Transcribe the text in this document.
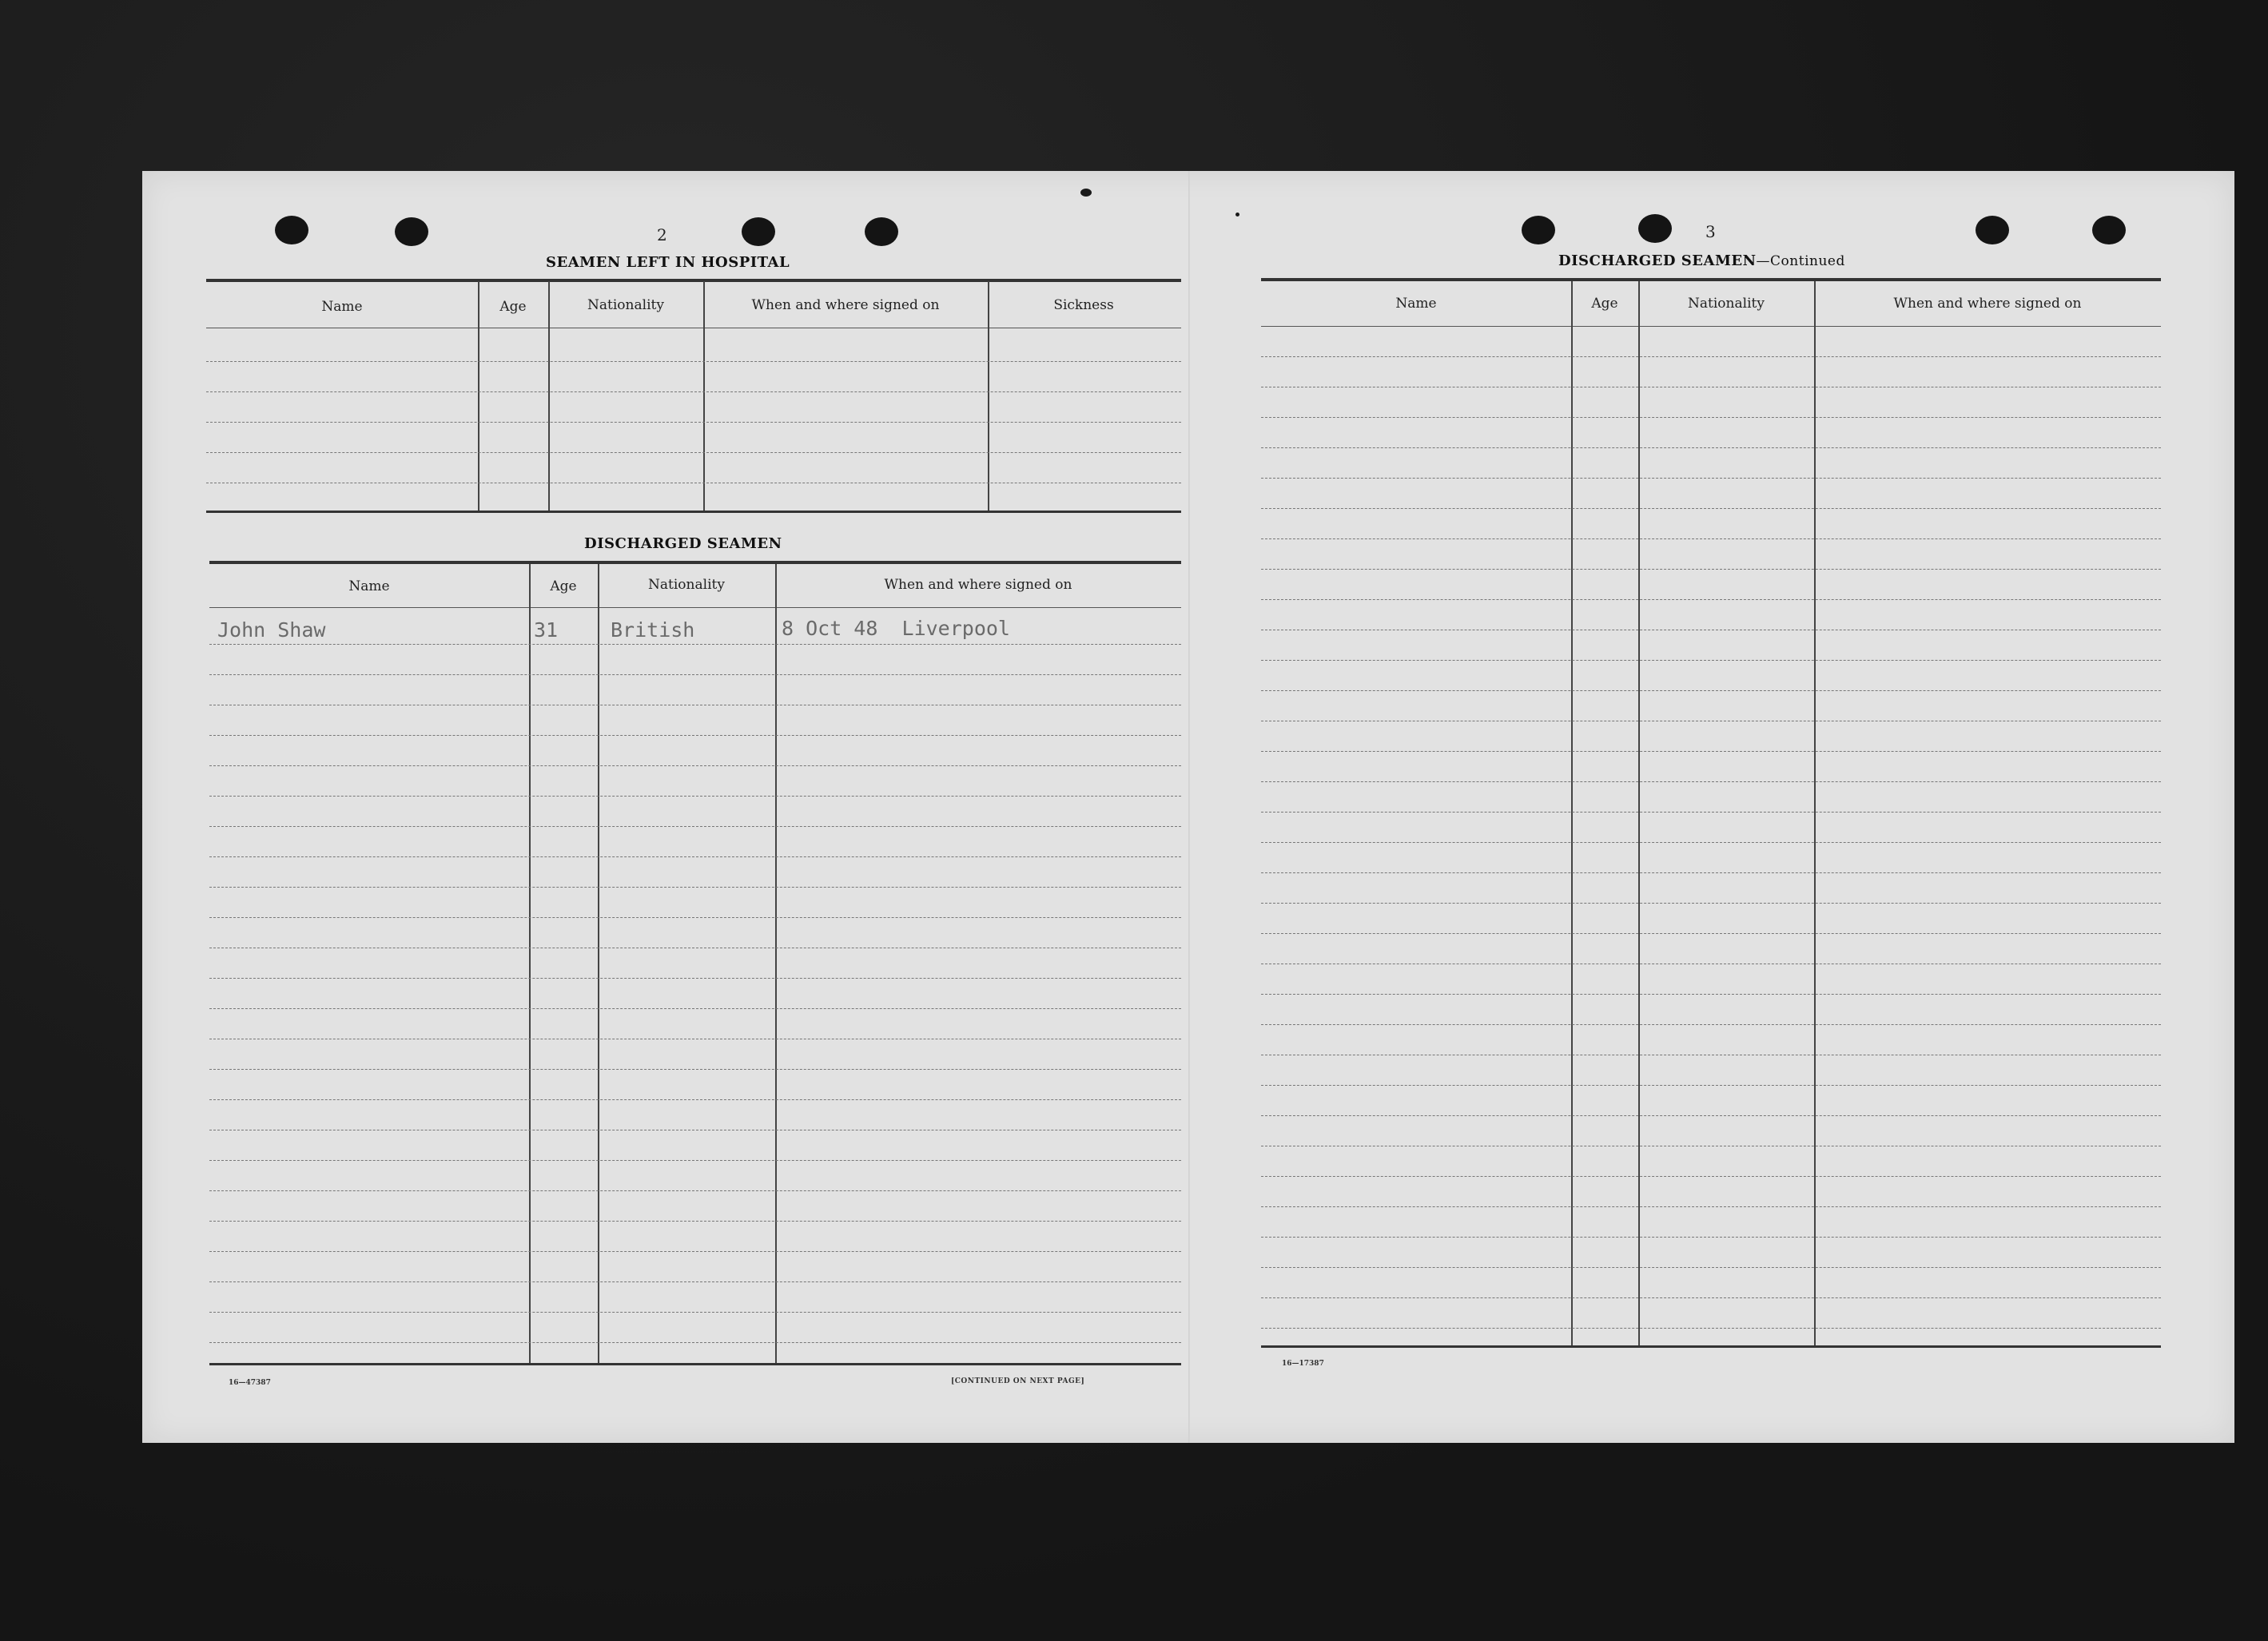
2
SEAMEN LEFT IN HOSPITAL
Name	Age	Nationality	When and where signed on	Sickness
DISCHARGED SEAMEN
Name	Age	Nationality	When and where signed on
John Shaw	31	British	8 Oct 48  Liverpool
16—47387	[CONTINUED ON NEXT PAGE]
3
DISCHARGED SEAMEN—Continued
Name	Age	Nationality	When and where signed on
16—17387
